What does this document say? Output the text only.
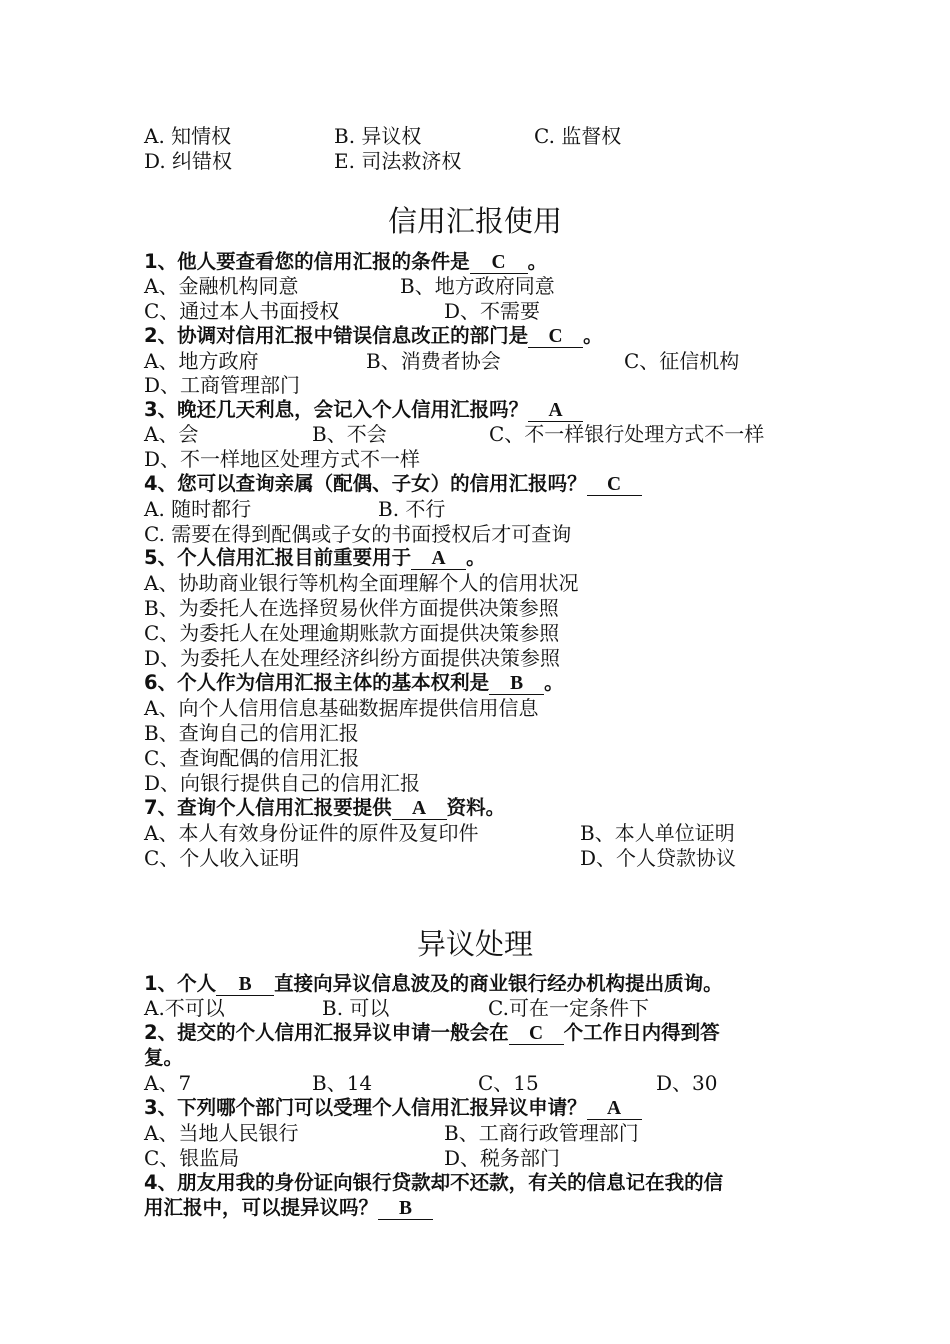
A. 知情权	B. 异议权	C. 监督权
D. 纠错权	E. 司法救济权
信用汇报使用
1、他人要查看您的信用汇报的条件是 C 。
A、金融机构同意	B、地方政府同意
C、通过本人书面授权	D、不需要
2、协调对信用汇报中错误信息改正的部门是 C 。
A、地方政府	B、消费者协会	C、征信机构
D、工商管理部门
3、晚还几天利息，会记入个人信用汇报吗？ A
A、会	B、不会	C、不一样银行处理方式不一样
D、不一样地区处理方式不一样
4、您可以查询亲属（配偶、子女）的信用汇报吗？ C
A. 随时都行	B. 不行
C. 需要在得到配偶或子女的书面授权后才可查询
5、个人信用汇报目前重要用于 A 。
A、协助商业银行等机构全面理解个人的信用状况
B、为委托人在选择贸易伙伴方面提供决策参照
C、为委托人在处理逾期账款方面提供决策参照
D、为委托人在处理经济纠纷方面提供决策参照
6、个人作为信用汇报主体的基本权利是 B 。
A、向个人信用信息基础数据库提供信用信息
B、查询自己的信用汇报
C、查询配偶的信用汇报
D、向银行提供自己的信用汇报
7、查询个人信用汇报要提供 A 资料。
A、本人有效身份证件的原件及复印件	B、本人单位证明
C、个人收入证明	D、个人贷款协议
异议处理
1、个人 B 直接向异议信息波及的商业银行经办机构提出质询。
A.不可以	B. 可以	C.可在一定条件下
2、提交的个人信用汇报异议申请一般会在 C 个工作日内得到答
复。
A、7	B、14	C、15	D、30
3、下列哪个部门可以受理个人信用汇报异议申请？ A
A、当地人民银行	B、工商行政管理部门
C、银监局	D、税务部门
4、朋友用我的身份证向银行贷款却不还款，有关的信息记在我的信
用汇报中，可以提异议吗？ B
